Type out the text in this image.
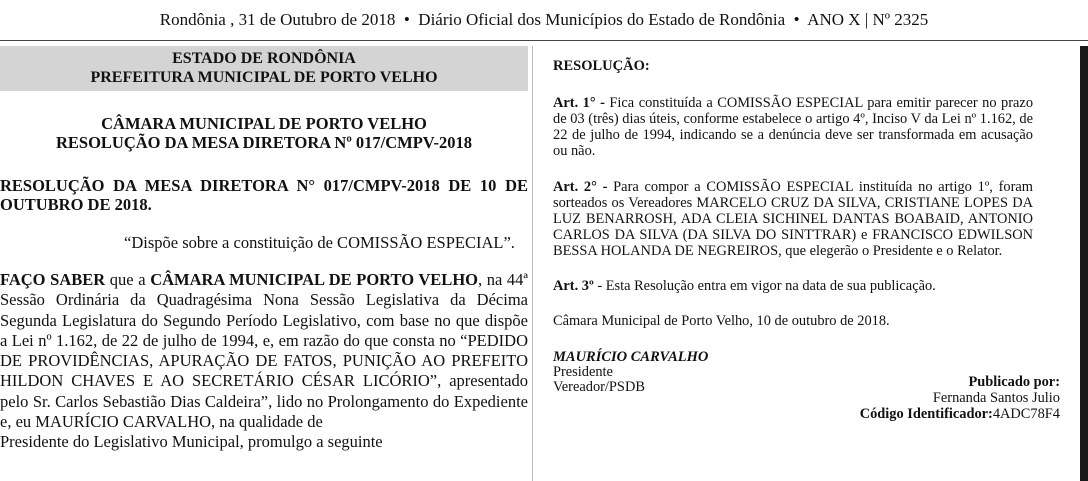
Rondônia , 31 de Outubro de 2018 • Diário Oficial dos Municípios do Estado de Rondônia • ANO X | Nº 2325
ESTADO DE RONDÔNIA
PREFEITURA MUNICIPAL DE PORTO VELHO
CÂMARA MUNICIPAL DE PORTO VELHO
RESOLUÇÃO DA MESA DIRETORA Nº 017/CMPV-2018
RESOLUÇÃO DA MESA DIRETORA N° 017/CMPV-2018 DE 10 DE OUTUBRO DE 2018.
“Dispõe sobre a constituição de COMISSÃO ESPECIAL”.
FAÇO SABER que a CÂMARA MUNICIPAL DE PORTO VELHO, na 44ª Sessão Ordinária da Quadragésima Nona Sessão Legislativa da Décima Segunda Legislatura do Segundo Período Legislativo, com base no que dispõe a Lei nº 1.162, de 22 de julho de 1994, e, em razão do que consta no “PEDIDO DE PROVIDÊNCIAS, APURAÇÃO DE FATOS, PUNIÇÃO AO PREFEITO HILDON CHAVES E AO SECRETÁRIO CÉSAR LICÓRIO”, apresentado pelo Sr. Carlos Sebastião Dias Caldeira”, lido no Prolongamento do Expediente e, eu MAURÍCIO CARVALHO, na qualidade de
Presidente do Legislativo Municipal, promulgo a seguinte
RESOLUÇÃO:
Art. 1° - Fica constituída a COMISSÃO ESPECIAL para emitir parecer no prazo de 03 (três) dias úteis, conforme estabelece o artigo 4º, Inciso V da Lei nº 1.162, de 22 de julho de 1994, indicando se a denúncia deve ser transformada em acusação ou não.
Art. 2° - Para compor a COMISSÃO ESPECIAL instituída no artigo 1º, foram sorteados os Vereadores MARCELO CRUZ DA SILVA, CRISTIANE LOPES DA LUZ BENARROSH, ADA CLEIA SICHINEL DANTAS BOABAID, ANTONIO CARLOS DA SILVA (DA SILVA DO SINTTRAR) e FRANCISCO EDWILSON BESSA HOLANDA DE NEGREIROS, que elegerão o Presidente e o Relator.
Art. 3º - Esta Resolução entra em vigor na data de sua publicação.
Câmara Municipal de Porto Velho, 10 de outubro de 2018.
MAURÍCIO CARVALHO
Presidente
Vereador/PSDB	Publicado por:
Fernanda Santos Julio
Código Identificador:4ADC78F4
